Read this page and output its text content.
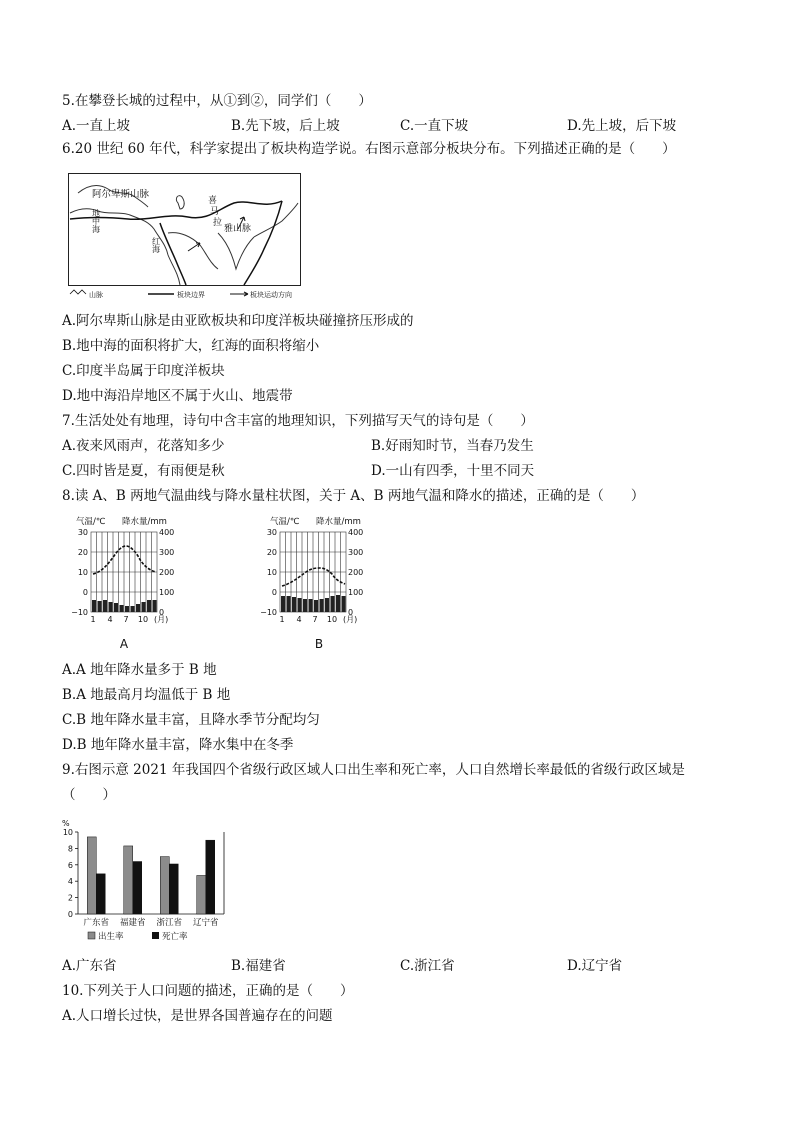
5.在攀登长城的过程中，从①到②，同学们（　　）
A.一直上坡	B.先下坡，后上坡	C.一直下坡	D.先上坡，后下坡
6.20 世纪 60 年代，科学家提出了板块构造学说。右图示意部分板块分布。下列描述正确的是（　　）
阿尔卑斯山脉
地中海
红海
喜
马
拉
雅山脉
山脉	板块边界	板块运动方向
A.阿尔卑斯山脉是由亚欧板块和印度洋板块碰撞挤压形成的
B.地中海的面积将扩大，红海的面积将缩小
C.印度半岛属于印度洋板块
D.地中海沿岸地区不属于火山、地震带
7.生活处处有地理，诗句中含丰富的地理知识，下列描写天气的诗句是（　　）
A.夜来风雨声，花落知多少	B.好雨知时节，当春乃发生
C.四时皆是夏，有雨便是秋	D.一山有四季，十里不同天
8.读 A、B 两地气温曲线与降水量柱状图，关于 A、B 两地气温和降水的描述，正确的是（　　）
气温/℃ 降水量/mm
30
20
10
0
−10
400
300
200
100
0
1 4 7 10 (月)
A
气温/℃ 降水量/mm
30
20
10
0
−10
400
300
200
100
0
1 4 7 10 (月)
B
A.A 地年降水量多于 B 地
B.A 地最高月均温低于 B 地
C.B 地年降水量丰富，且降水季节分配均匀
D.B 地年降水量丰富，降水集中在冬季
9.右图示意 2021 年我国四个省级行政区域人口出生率和死亡率，人口自然增长率最低的省级行政区域是
（　　）
%
0
2
4
6
8
10
广东省 福建省 浙江省 辽宁省
出生率	死亡率
A.广东省	B.福建省	C.浙江省	D.辽宁省
10.下列关于人口问题的描述，正确的是（　　）
A.人口增长过快，是世界各国普遍存在的问题
